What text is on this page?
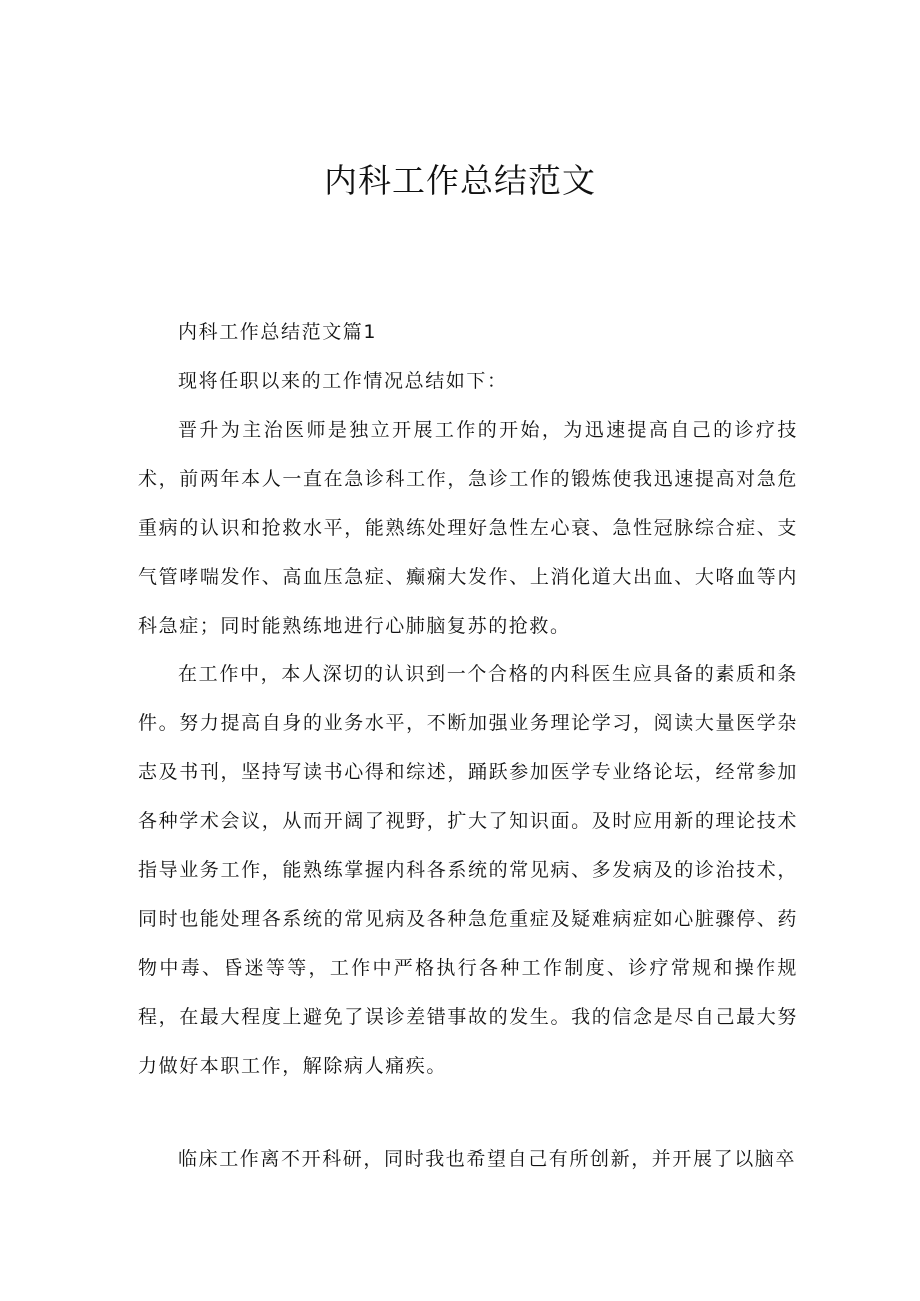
内科工作总结范文

内科工作总结范文篇1

现将任职以来的工作情况总结如下：

晋升为主治医师是独立开展工作的开始，为迅速提高自己的诊疗技术，前两年本人一直在急诊科工作，急诊工作的锻炼使我迅速提高对急危重病的认识和抢救水平，能熟练处理好急性左心衰、急性冠脉综合症、支气管哮喘发作、高血压急症、癫痫大发作、上消化道大出血、大咯血等内科急症；同时能熟练地进行心肺脑复苏的抢救。

在工作中，本人深切的认识到一个合格的内科医生应具备的素质和条件。努力提高自身的业务水平，不断加强业务理论学习，阅读大量医学杂志及书刊，坚持写读书心得和综述，踊跃参加医学专业络论坛，经常参加各种学术会议，从而开阔了视野，扩大了知识面。及时应用新的理论技术指导业务工作，能熟练掌握内科各系统的常见病、多发病及的诊治技术，同时也能处理各系统的常见病及各种急危重症及疑难病症如心脏骤停、药物中毒、昏迷等等，工作中严格执行各种工作制度、诊疗常规和操作规程，在最大程度上避免了误诊差错事故的发生。我的信念是尽自己最大努力做好本职工作，解除病人痛疾。

临床工作离不开科研，同时我也希望自己有所创新，并开展了以脑卒
